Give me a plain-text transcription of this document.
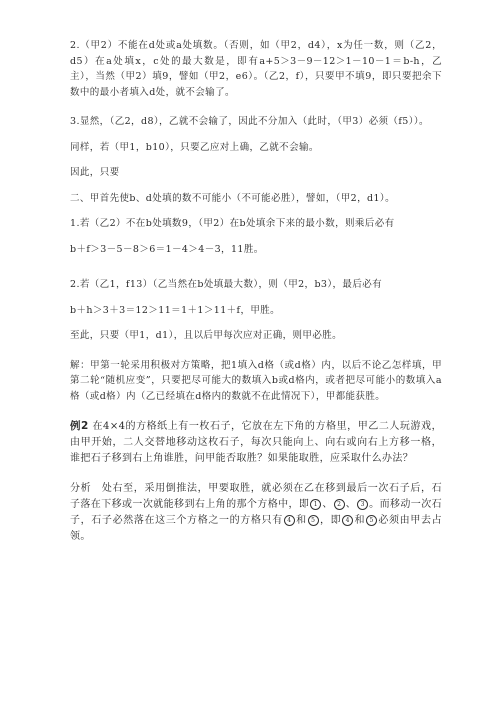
2.（甲2）不能在d处或a处填数。（否则，如（甲2，d4），x为任一数，则（乙2，d5）在a处填x，c处的最大数是，即有a+5＞3－9－12＞1－10－1＝b-h，乙主），当然（甲2）填9，譬如（甲2，e6）。（乙2，f），只要甲不填9，即只要把余下数中的最小者填入d处，就不会输了。

3.显然，（乙2，d8），乙就不会输了，因此不分加入（此时，（甲3）必须（f5））。

同样，若（甲1，b10），只要乙应对上确，乙就不会输。

因此，只要

二、甲首先使b、d处填的数不可能小（不可能必胜），譬如，（甲2，d1）。

1.若（乙2）不在b处填数9，（甲2）在b处填余下来的最小数，则乘后必有

b＋f＞3－5－8＞6＝1－4＞4－3，11胜。

2.若（乙1，f13）（乙当然在b处填最大数），则（甲2，b3），最后必有

b＋h＞3＋3＝12＞11＝1＋1＞11＋f，甲胜。

至此，只要（甲1，d1），且以后甲每次应对正确，则甲必胜。

解：甲第一轮采用积极对方策略，把1填入d格（或d格）内，以后不论乙怎样填，甲第二轮“随机应变”，只要把尽可能大的数填入b或d格内，或者把尽可能小的数填入a格（或d格）内（乙已经填在d格内的数就不在此情况下），甲都能获胜。

例2 在4×4的方格纸上有一枚石子，它放在左下角的方格里，甲乙二人玩游戏，由甲开始，二人交替地移动这枚石子，每次只能向上、向右或向右上方移一格，谁把石子移到右上角谁胜，问甲能否取胜？如果能取胜，应采取什么办法？

分析　处右至，采用倒推法，甲要取胜，就必须在乙在移到最后一次石子后，石子落在下移或一次就能移到右上角的那个方格中，即 1 、 2 、 3 。而移动一次石子，石子必然落在这三个方格之一的方格只有 4 和 5 ，即 4 和 5 必须由甲去占领。
